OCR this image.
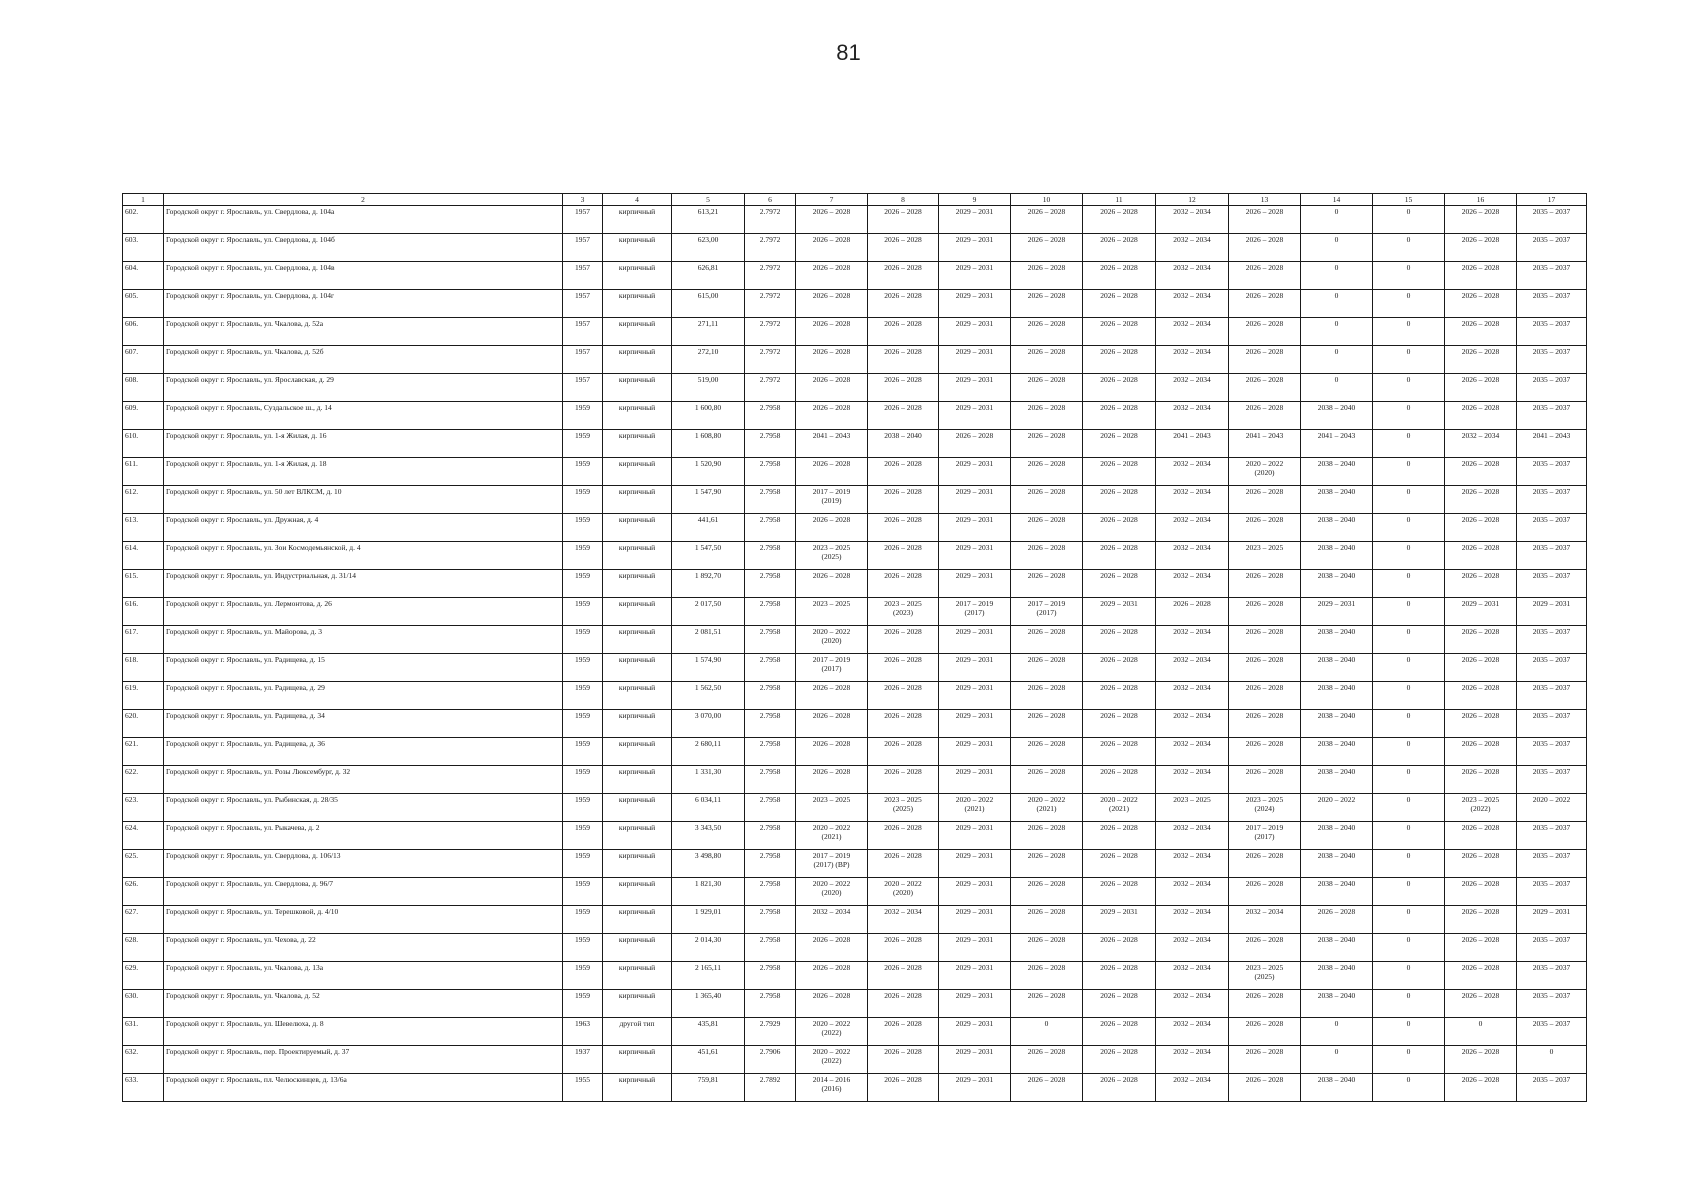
81
1	2	3	4	5	6	7	8	9	10	11	12	13	14	15	16	17

602.	Городской округ г. Ярославль, ул. Свердлова, д. 104а	1957	кирпичный	613,21	2.7972	2026 – 2028	2026 – 2028	2029 – 2031	2026 – 2028	2026 – 2028	2032 – 2034	2026 – 2028	0	0	2026 – 2028	2035 – 2037

603.	Городской округ г. Ярославль, ул. Свердлова, д. 104б	1957	кирпичный	623,00	2.7972	2026 – 2028	2026 – 2028	2029 – 2031	2026 – 2028	2026 – 2028	2032 – 2034	2026 – 2028	0	0	2026 – 2028	2035 – 2037

604.	Городской округ г. Ярославль, ул. Свердлова, д. 104в	1957	кирпичный	626,81	2.7972	2026 – 2028	2026 – 2028	2029 – 2031	2026 – 2028	2026 – 2028	2032 – 2034	2026 – 2028	0	0	2026 – 2028	2035 – 2037

605.	Городской округ г. Ярославль, ул. Свердлова, д. 104г	1957	кирпичный	615,00	2.7972	2026 – 2028	2026 – 2028	2029 – 2031	2026 – 2028	2026 – 2028	2032 – 2034	2026 – 2028	0	0	2026 – 2028	2035 – 2037

606.	Городской округ г. Ярославль, ул. Чкалова, д. 52а	1957	кирпичный	271,11	2.7972	2026 – 2028	2026 – 2028	2029 – 2031	2026 – 2028	2026 – 2028	2032 – 2034	2026 – 2028	0	0	2026 – 2028	2035 – 2037

607.	Городской округ г. Ярославль, ул. Чкалова, д. 52б	1957	кирпичный	272,10	2.7972	2026 – 2028	2026 – 2028	2029 – 2031	2026 – 2028	2026 – 2028	2032 – 2034	2026 – 2028	0	0	2026 – 2028	2035 – 2037

608.	Городской округ г. Ярославль, ул. Ярославская, д. 29	1957	кирпичный	519,00	2.7972	2026 – 2028	2026 – 2028	2029 – 2031	2026 – 2028	2026 – 2028	2032 – 2034	2026 – 2028	0	0	2026 – 2028	2035 – 2037

609.	Городской округ г. Ярославль, Суздальское ш., д. 14	1959	кирпичный	1 600,80	2.7958	2026 – 2028	2026 – 2028	2029 – 2031	2026 – 2028	2026 – 2028	2032 – 2034	2026 – 2028	2038 – 2040	0	2026 – 2028	2035 – 2037

610.	Городской округ г. Ярославль, ул. 1-я Жилая, д. 16	1959	кирпичный	1 608,80	2.7958	2041 – 2043	2038 – 2040	2026 – 2028	2026 – 2028	2026 – 2028	2041 – 2043	2041 – 2043	2041 – 2043	0	2032 – 2034	2041 – 2043

611.	Городской округ г. Ярославль, ул. 1-я Жилая, д. 18	1959	кирпичный	1 520,90	2.7958	2026 – 2028	2026 – 2028	2029 – 2031	2026 – 2028	2026 – 2028	2032 – 2034	2020 – 2022
(2020)	2038 – 2040	0	2026 – 2028	2035 – 2037

612.	Городской округ г. Ярославль, ул. 50 лет ВЛКСМ, д. 10	1959	кирпичный	1 547,90	2.7958	2017 – 2019
(2019)	2026 – 2028	2029 – 2031	2026 – 2028	2026 – 2028	2032 – 2034	2026 – 2028	2038 – 2040	0	2026 – 2028	2035 – 2037

613.	Городской округ г. Ярославль, ул. Дружная, д. 4	1959	кирпичный	441,61	2.7958	2026 – 2028	2026 – 2028	2029 – 2031	2026 – 2028	2026 – 2028	2032 – 2034	2026 – 2028	2038 – 2040	0	2026 – 2028	2035 – 2037

614.	Городской округ г. Ярославль, ул. Зои Космодемьянской, д. 4	1959	кирпичный	1 547,50	2.7958	2023 – 2025
(2025)	2026 – 2028	2029 – 2031	2026 – 2028	2026 – 2028	2032 – 2034	2023 – 2025	2038 – 2040	0	2026 – 2028	2035 – 2037

615.	Городской округ г. Ярославль, ул. Индустриальная, д. 31/14	1959	кирпичный	1 892,70	2.7958	2026 – 2028	2026 – 2028	2029 – 2031	2026 – 2028	2026 – 2028	2032 – 2034	2026 – 2028	2038 – 2040	0	2026 – 2028	2035 – 2037

616.	Городской округ г. Ярославль, ул. Лермонтова, д. 26	1959	кирпичный	2 017,50	2.7958	2023 – 2025	2023 – 2025
(2023)	2017 – 2019
(2017)	2017 – 2019
(2017)	2029 – 2031	2026 – 2028	2026 – 2028	2029 – 2031	0	2029 – 2031	2029 – 2031

617.	Городской округ г. Ярославль, ул. Майорова, д. 3	1959	кирпичный	2 081,51	2.7958	2020 – 2022
(2020)	2026 – 2028	2029 – 2031	2026 – 2028	2026 – 2028	2032 – 2034	2026 – 2028	2038 – 2040	0	2026 – 2028	2035 – 2037

618.	Городской округ г. Ярославль, ул. Радищева, д. 15	1959	кирпичный	1 574,90	2.7958	2017 – 2019
(2017)	2026 – 2028	2029 – 2031	2026 – 2028	2026 – 2028	2032 – 2034	2026 – 2028	2038 – 2040	0	2026 – 2028	2035 – 2037

619.	Городской округ г. Ярославль, ул. Радищева, д. 29	1959	кирпичный	1 562,50	2.7958	2026 – 2028	2026 – 2028	2029 – 2031	2026 – 2028	2026 – 2028	2032 – 2034	2026 – 2028	2038 – 2040	0	2026 – 2028	2035 – 2037

620.	Городской округ г. Ярославль, ул. Радищева, д. 34	1959	кирпичный	3 070,00	2.7958	2026 – 2028	2026 – 2028	2029 – 2031	2026 – 2028	2026 – 2028	2032 – 2034	2026 – 2028	2038 – 2040	0	2026 – 2028	2035 – 2037

621.	Городской округ г. Ярославль, ул. Радищева, д. 36	1959	кирпичный	2 680,11	2.7958	2026 – 2028	2026 – 2028	2029 – 2031	2026 – 2028	2026 – 2028	2032 – 2034	2026 – 2028	2038 – 2040	0	2026 – 2028	2035 – 2037

622.	Городской округ г. Ярославль, ул. Розы Люксембург, д. 32	1959	кирпичный	1 331,30	2.7958	2026 – 2028	2026 – 2028	2029 – 2031	2026 – 2028	2026 – 2028	2032 – 2034	2026 – 2028	2038 – 2040	0	2026 – 2028	2035 – 2037

623.	Городской округ г. Ярославль, ул. Рыбинская, д. 28/35	1959	кирпичный	6 034,11	2.7958	2023 – 2025	2023 – 2025
(2025)	2020 – 2022
(2021)	2020 – 2022
(2021)	2020 – 2022
(2021)	2023 – 2025	2023 – 2025
(2024)	2020 – 2022	0	2023 – 2025
(2022)	2020 – 2022

624.	Городской округ г. Ярославль, ул. Рыкачева, д. 2	1959	кирпичный	3 343,50	2.7958	2020 – 2022
(2021)	2026 – 2028	2029 – 2031	2026 – 2028	2026 – 2028	2032 – 2034	2017 – 2019
(2017)	2038 – 2040	0	2026 – 2028	2035 – 2037

625.	Городской округ г. Ярославль, ул. Свердлова, д. 106/13	1959	кирпичный	3 498,80	2.7958	2017 – 2019
(2017) (ВР)	2026 – 2028	2029 – 2031	2026 – 2028	2026 – 2028	2032 – 2034	2026 – 2028	2038 – 2040	0	2026 – 2028	2035 – 2037

626.	Городской округ г. Ярославль, ул. Свердлова, д. 96/7	1959	кирпичный	1 821,30	2.7958	2020 – 2022
(2020)	2020 – 2022
(2020)	2029 – 2031	2026 – 2028	2026 – 2028	2032 – 2034	2026 – 2028	2038 – 2040	0	2026 – 2028	2035 – 2037

627.	Городской округ г. Ярославль, ул. Терешковой, д. 4/10	1959	кирпичный	1 929,01	2.7958	2032 – 2034	2032 – 2034	2029 – 2031	2026 – 2028	2029 – 2031	2032 – 2034	2032 – 2034	2026 – 2028	0	2026 – 2028	2029 – 2031

628.	Городской округ г. Ярославль, ул. Чехова, д. 22	1959	кирпичный	2 014,30	2.7958	2026 – 2028	2026 – 2028	2029 – 2031	2026 – 2028	2026 – 2028	2032 – 2034	2026 – 2028	2038 – 2040	0	2026 – 2028	2035 – 2037

629.	Городской округ г. Ярославль, ул. Чкалова, д. 13а	1959	кирпичный	2 165,11	2.7958	2026 – 2028	2026 – 2028	2029 – 2031	2026 – 2028	2026 – 2028	2032 – 2034	2023 – 2025
(2025)	2038 – 2040	0	2026 – 2028	2035 – 2037

630.	Городской округ г. Ярославль, ул. Чкалова, д. 52	1959	кирпичный	1 365,40	2.7958	2026 – 2028	2026 – 2028	2029 – 2031	2026 – 2028	2026 – 2028	2032 – 2034	2026 – 2028	2038 – 2040	0	2026 – 2028	2035 – 2037

631.	Городской округ г. Ярославль, ул. Шевелюха, д. 8	1963	другой тип	435,81	2.7929	2020 – 2022
(2022)	2026 – 2028	2029 – 2031	0	2026 – 2028	2032 – 2034	2026 – 2028	0	0	0	2035 – 2037

632.	Городской округ г. Ярославль, пер. Проектируемый, д. 37	1937	кирпичный	451,61	2.7906	2020 – 2022
(2022)	2026 – 2028	2029 – 2031	2026 – 2028	2026 – 2028	2032 – 2034	2026 – 2028	0	0	2026 – 2028	0

633.	Городской округ г. Ярославль, пл. Челюскинцев, д. 13/6а	1955	кирпичный	759,81	2.7892	2014 – 2016
(2016)	2026 – 2028	2029 – 2031	2026 – 2028	2026 – 2028	2032 – 2034	2026 – 2028	2038 – 2040	0	2026 – 2028	2035 – 2037
